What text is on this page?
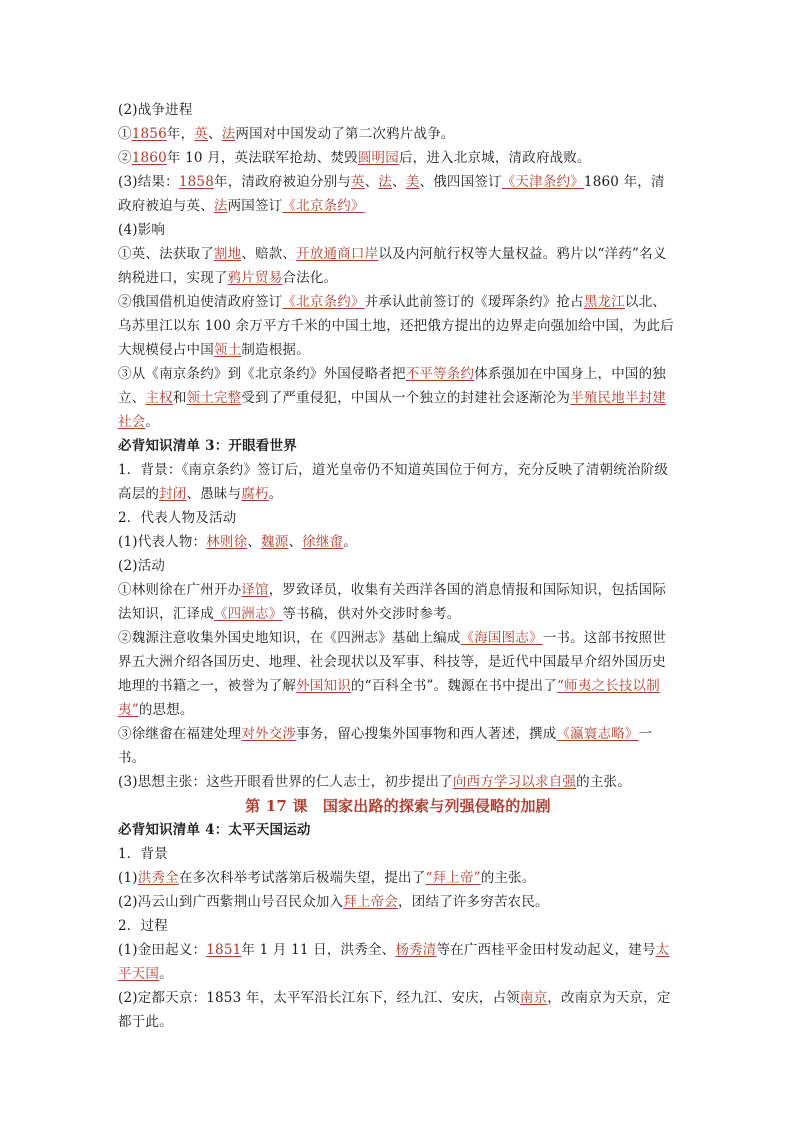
(2)战争进程

①1856年，英、法两国对中国发动了第二次鸦片战争。

②1860年 10 月，英法联军抢劫、焚毁圆明园后，进入北京城，清政府战败。

(3)结果：1858年，清政府被迫分别与英、法、美、俄四国签订《天津条约》1860 年，清政府被迫与英、法两国签订《北京条约》

(4)影响

①英、法获取了割地、赔款、开放通商口岸以及内河航行权等大量权益。鸦片以“洋药”名义纳税进口，实现了鸦片贸易合法化。

②俄国借机迫使清政府签订《北京条约》并承认此前签订的《瑷珲条约》抢占黑龙江以北、乌苏里江以东 100 余万平方千米的中国土地，还把俄方提出的边界走向强加给中国，为此后大规模侵占中国领土制造根据。

③从《南京条约》到《北京条约》外国侵略者把不平等条约体系强加在中国身上，中国的独立、主权和领土完整受到了严重侵犯，中国从一个独立的封建社会逐渐沦为半殖民地半封建社会。

必背知识清单 3：开眼看世界

1．背景：《南京条约》签订后，道光皇帝仍不知道英国位于何方，充分反映了清朝统治阶级高层的封闭、愚昧与腐朽。

2．代表人物及活动

(1)代表人物：林则徐、魏源、徐继畬。

(2)活动

①林则徐在广州开办译馆，罗致译员，收集有关西洋各国的消息情报和国际知识，包括国际法知识，汇译成《四洲志》等书稿，供对外交涉时参考。

②魏源注意收集外国史地知识，在《四洲志》基础上编成《海国图志》一书。这部书按照世界五大洲介绍各国历史、地理、社会现状以及军事、科技等，是近代中国最早介绍外国历史地理的书籍之一，被誉为了解外国知识的“百科全书”。魏源在书中提出了“师夷之长技以制夷”的思想。

③徐继畬在福建处理对外交涉事务，留心搜集外国事物和西人著述，撰成《瀛寰志略》一书。

(3)思想主张：这些开眼看世界的仁人志士，初步提出了向西方学习以求自强的主张。

第 17 课　国家出路的探索与列强侵略的加剧

必背知识清单 4：太平天国运动

1．背景

(1)洪秀全在多次科举考试落第后极端失望，提出了“拜上帝”的主张。

(2)冯云山到广西紫荆山号召民众加入拜上帝会，团结了许多穷苦农民。

2．过程

(1)金田起义：1851年 1 月 11 日，洪秀全、杨秀清等在广西桂平金田村发动起义，建号太平天国。

(2)定都天京：1853 年，太平军沿长江东下，经九江、安庆，占领南京，改南京为天京，定都于此。
